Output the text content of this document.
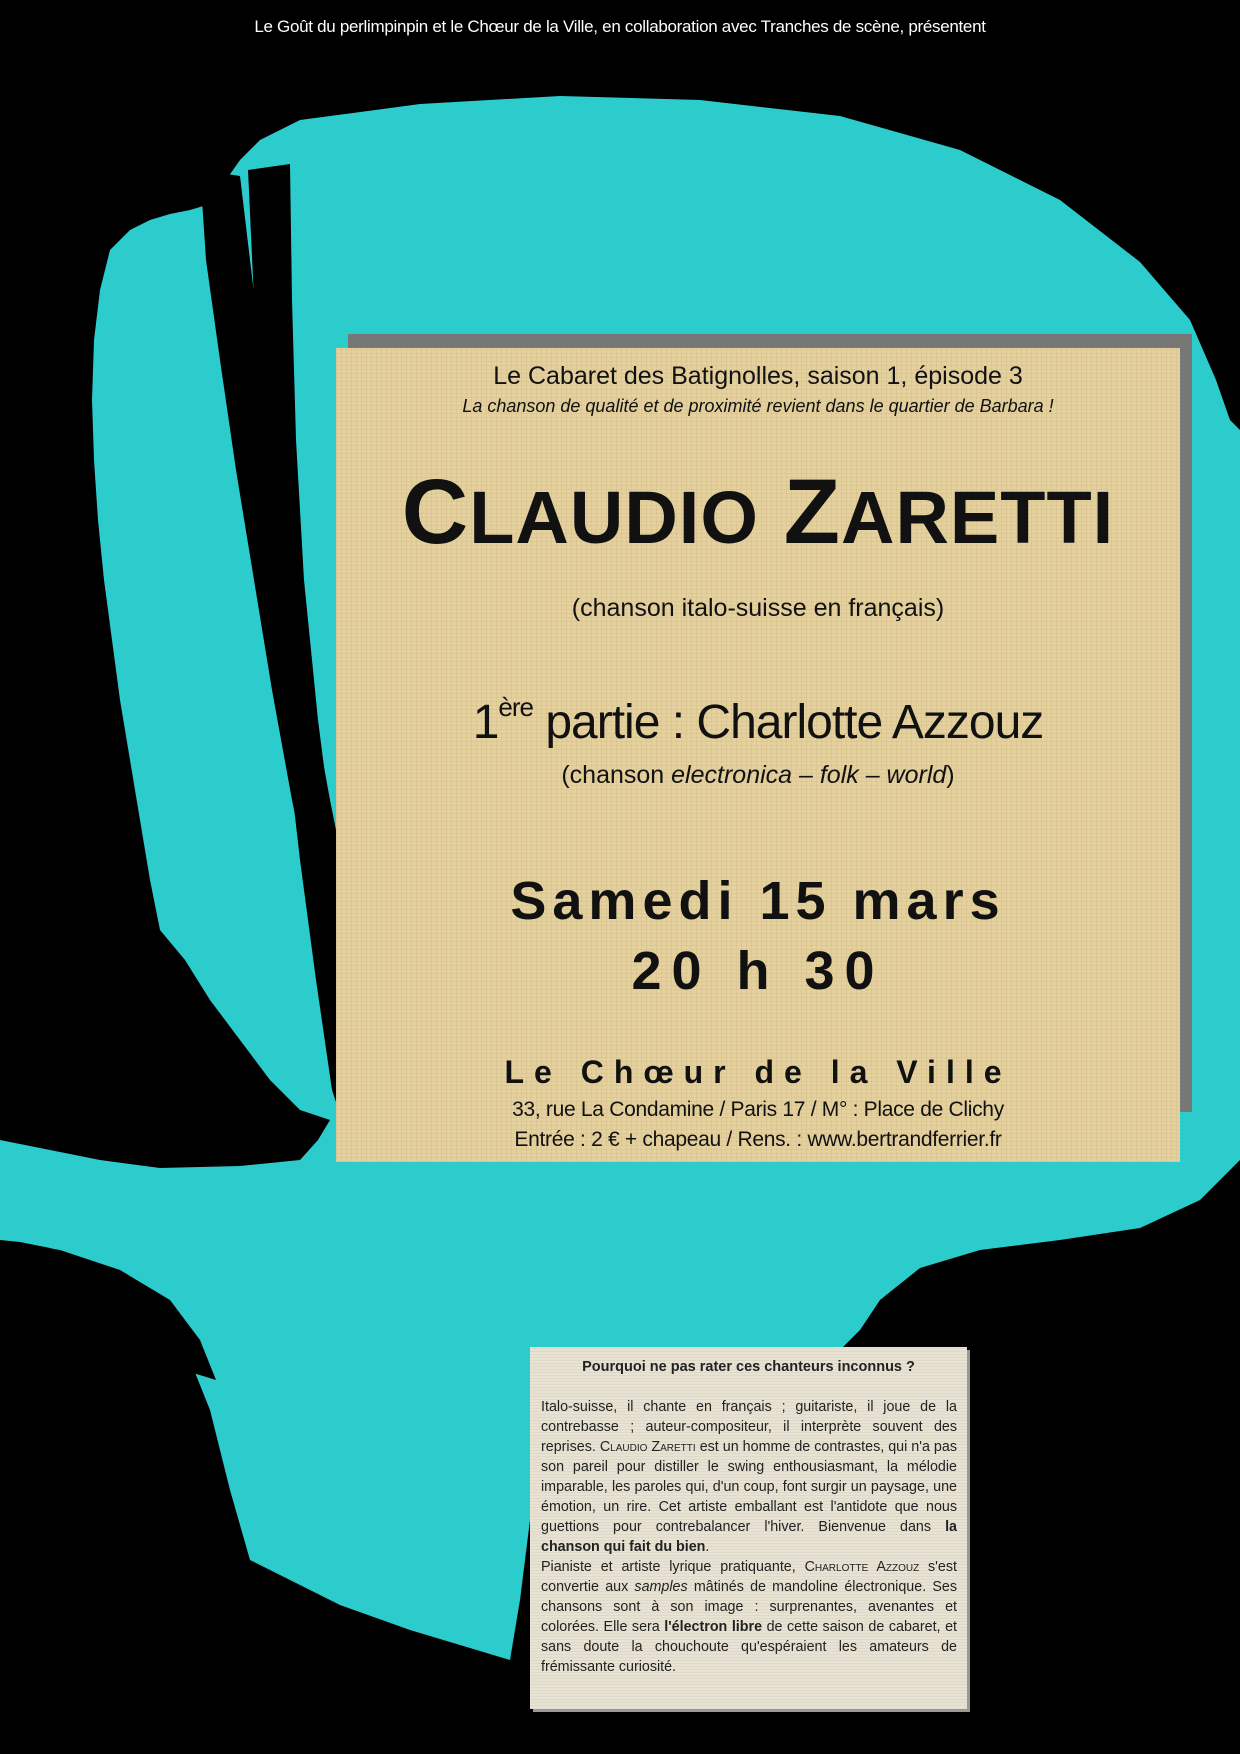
Le Goût du perlimpinpin et le Chœur de la Ville, en collaboration avec Tranches de scène, présentent
Le Cabaret des Batignolles, saison 1, épisode 3
La chanson de qualité et de proximité revient dans le quartier de Barbara !
CLAUDIO ZARETTI
(chanson italo-suisse en français)
1ère partie : Charlotte Azzouz
(chanson electronica – folk – world)
Samedi 15 mars
20 h 30
Le Chœur de la Ville
33, rue La Condamine / Paris 17 / M° : Place de Clichy
Entrée : 2 € + chapeau / Rens. : www.bertrandferrier.fr
Pourquoi ne pas rater ces chanteurs inconnus ?

Italo-suisse, il chante en français ; guitariste, il joue de la contrebasse ; auteur-compositeur, il interprète souvent des reprises. Claudio Zaretti est un homme de contrastes, qui n'a pas son pareil pour distiller le swing enthousiasmant, la mélodie imparable, les paroles qui, d'un coup, font surgir un paysage, une émotion, un rire. Cet artiste emballant est l'antidote que nous guettions pour contrebalancer l'hiver. Bienvenue dans la chanson qui fait du bien.

Pianiste et artiste lyrique pratiquante, Charlotte Azzouz s'est convertie aux samples mâtinés de mandoline électronique. Ses chansons sont à son image : surprenantes, avenantes et colorées. Elle sera l'électron libre de cette saison de cabaret, et sans doute la chouchoute qu'espéraient les amateurs de frémissante curiosité.
